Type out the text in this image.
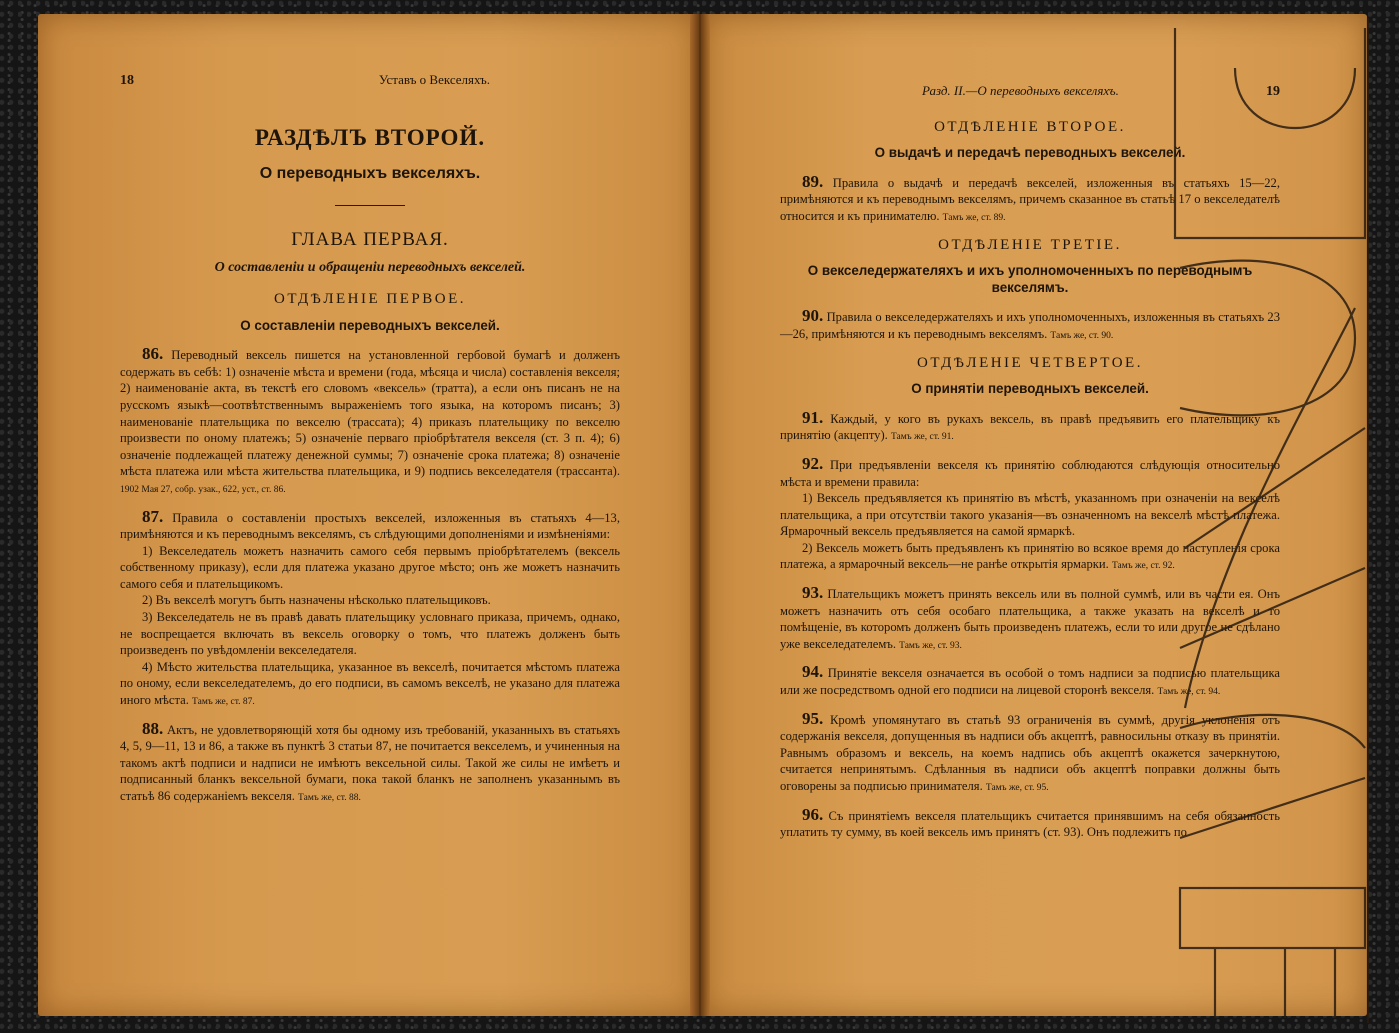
18	Уставъ о Векселяхъ.
РАЗДѢЛЪ ВТОРОЙ.
О переводныхъ векселяхъ.
ГЛАВА ПЕРВАЯ.
О составленіи и обращеніи переводныхъ векселей.
ОТДѢЛЕНІЕ ПЕРВОЕ.
О составленіи переводныхъ векселей.

86. Переводный вексель пишется на установленной гербовой бумагѣ и долженъ содержать въ себѣ: 1) означеніе мѣста и времени (года, мѣсяца и числа) составленія векселя; 2) наименованіе акта, въ текстѣ его словомъ «вексель» (тратта), а если онъ писанъ не на русскомъ языкѣ—соотвѣтственнымъ выраженіемъ того языка, на которомъ писанъ; 3) наименованіе плательщика по векселю (трассата); 4) приказъ плательщику по векселю произвести по оному платежъ; 5) означеніе перваго пріобрѣтателя векселя (ст. 3 п. 4); 6) означеніе подлежащей платежу денежной суммы; 7) означеніе срока платежа; 8) означеніе мѣста платежа или мѣста жительства плательщика, и 9) подпись векселедателя (трассанта). 1902 Мая 27, собр. узак., 622, уст., ст. 86.

87. Правила о составленіи простыхъ векселей, изложенныя въ статьяхъ 4—13, примѣняются и къ переводнымъ векселямъ, съ слѣдующими дополненіями и измѣненіями:

1) Векселедатель можетъ назначить самого себя первымъ пріобрѣтателемъ (вексель собственному приказу), если для платежа указано другое мѣсто; онъ же можетъ назначить самого себя и плательщикомъ.

2) Въ векселѣ могутъ быть назначены нѣсколько плательщиковъ.

3) Векселедатель не въ правѣ давать плательщику условнаго приказа, причемъ, однако, не воспрещается включать въ вексель оговорку о томъ, что платежъ долженъ быть произведенъ по увѣдомленіи векселедателя.

4) Мѣсто жительства плательщика, указанное въ векселѣ, почитается мѣстомъ платежа по оному, если векселедателемъ, до его подписи, въ самомъ векселѣ, не указано для платежа иного мѣста. Тамъ же, ст. 87.

88. Актъ, не удовлетворяющій хотя бы одному изъ требованій, указанныхъ въ статьяхъ 4, 5, 9—11, 13 и 86, а также въ пунктѣ 3 статьи 87, не почитается векселемъ, и учиненныя на такомъ актѣ подписи и надписи не имѣютъ вексельной силы. Такой же силы не имѣетъ и подписанный бланкъ вексельной бумаги, пока такой бланкъ не заполненъ указаннымъ въ статьѣ 86 содержаніемъ векселя. Тамъ же, ст. 88.

Разд. II.—О переводныхъ векселяхъ.	19
ОТДѢЛЕНІЕ ВТОРОЕ.
О выдачѣ и передачѣ переводныхъ векселей.

89. Правила о выдачѣ и передачѣ векселей, изложенныя въ статьяхъ 15—22, примѣняются и къ переводнымъ векселямъ, причемъ сказанное въ статьѣ 17 о векселедателѣ относится и къ принимателю. Тамъ же, ст. 89.

ОТДѢЛЕНІЕ ТРЕТІЕ.
О векселедержателяхъ и ихъ уполномоченныхъ по переводнымъ векселямъ.

90. Правила о векселедержателяхъ и ихъ уполномоченныхъ, изложенныя въ статьяхъ 23—26, примѣняются и къ переводнымъ векселямъ. Тамъ же, ст. 90.

ОТДѢЛЕНІЕ ЧЕТВЕРТОЕ.
О принятіи переводныхъ векселей.

91. Каждый, у кого въ рукахъ вексель, въ правѣ предъявить его плательщику къ принятію (акцепту). Тамъ же, ст. 91.

92. При предъявленіи векселя къ принятію соблюдаются слѣдующія относительно мѣста и времени правила:

1) Вексель предъявляется къ принятію въ мѣстѣ, указанномъ при означеніи на векселѣ плательщика, а при отсутствіи такого указанія—въ означенномъ на векселѣ мѣстѣ платежа. Ярмарочный вексель предъявляется на самой ярмаркѣ.

2) Вексель можетъ быть предъявленъ къ принятію во всякое время до наступленія срока платежа, а ярмарочный вексель—не ранѣе открытія ярмарки. Тамъ же, ст. 92.

93. Плательщикъ можетъ принять вексель или въ полной суммѣ, или въ части ея. Онъ можетъ назначить отъ себя особаго плательщика, а также указать на векселѣ и то помѣщеніе, въ которомъ долженъ быть произведенъ платежъ, если то или другое не сдѣлано уже векселедателемъ. Тамъ же, ст. 93.

94. Принятіе векселя означается въ особой о томъ надписи за подписью плательщика или же посредствомъ одной его подписи на лицевой сторонѣ векселя. Тамъ же, ст. 94.

95. Кромѣ упомянутаго въ статьѣ 93 ограниченія въ суммѣ, другія уклоненія отъ содержанія векселя, допущенныя въ надписи объ акцептѣ, равносильны отказу въ принятіи. Равнымъ образомъ и вексель, на коемъ надпись объ акцептѣ окажется зачеркнутою, считается непринятымъ. Сдѣланныя въ надписи объ акцептѣ поправки должны быть оговорены за подписью принимателя. Тамъ же, ст. 95.

96. Съ принятіемъ векселя плательщикъ считается принявшимъ на себя обязанность уплатить ту сумму, въ коей вексель имъ принятъ (ст. 93). Онъ подлежитъ по
